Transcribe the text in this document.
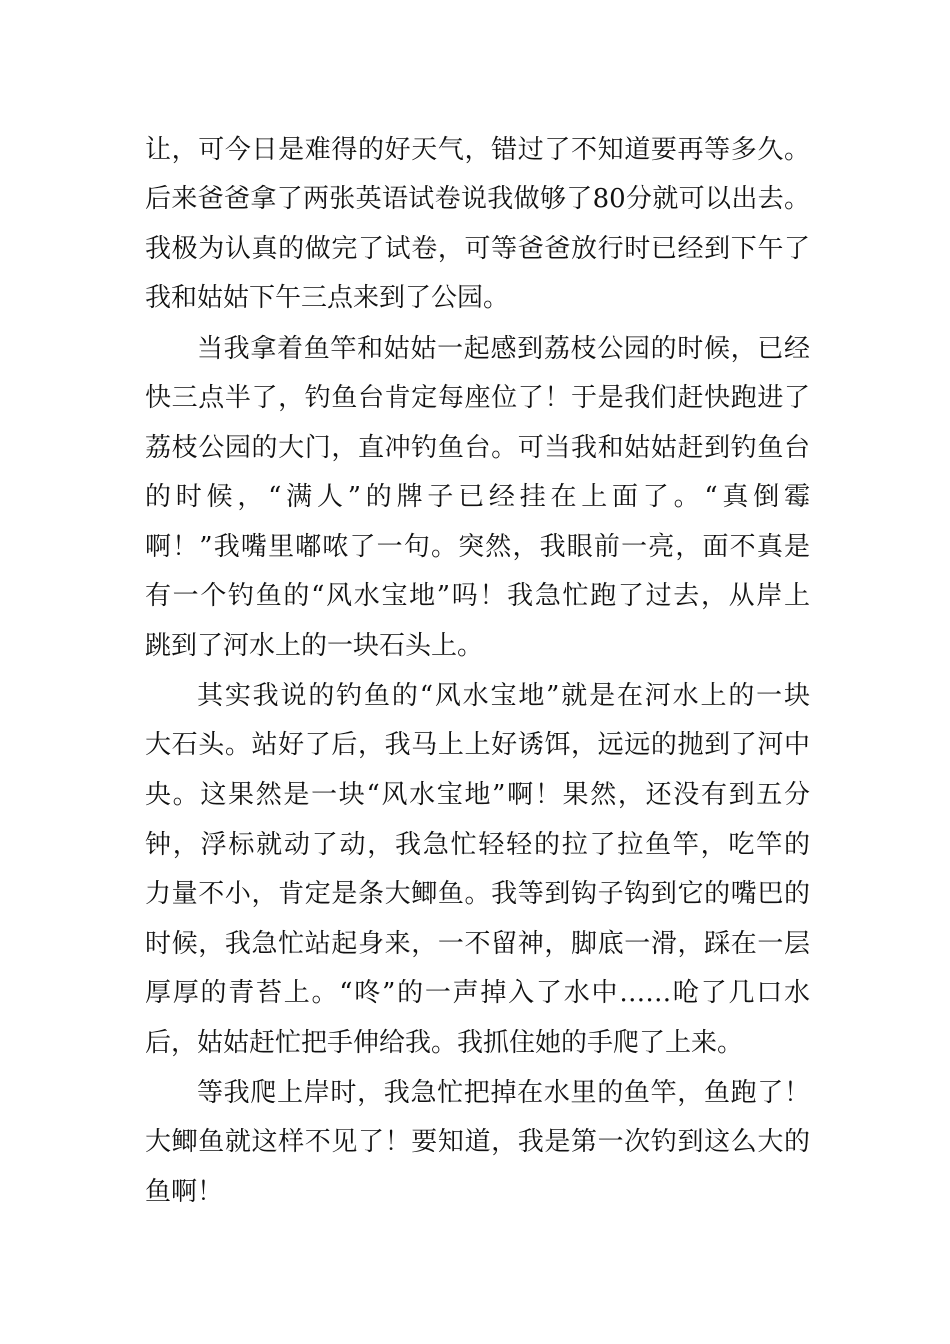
让，可今日是难得的好天气，错过了不知道要再等多久。
后来爸爸拿了两张英语试卷说我做够了80分就可以出去。
我极为认真的做完了试卷，可等爸爸放行时已经到下午了
我和姑姑下午三点来到了公园。
当我拿着鱼竿和姑姑一起感到荔枝公园的时候，已经
快三点半了，钓鱼台肯定每座位了！于是我们赶快跑进了
荔枝公园的大门，直冲钓鱼台。可当我和姑姑赶到钓鱼台
的时候，“满人”的牌子已经挂在上面了。“真倒霉
啊！”我嘴里嘟哝了一句。突然，我眼前一亮，面不真是
有一个钓鱼的“风水宝地”吗！我急忙跑了过去，从岸上
跳到了河水上的一块石头上。
其实我说的钓鱼的“风水宝地”就是在河水上的一块
大石头。站好了后，我马上上好诱饵，远远的抛到了河中
央。这果然是一块“风水宝地”啊！果然，还没有到五分
钟，浮标就动了动，我急忙轻轻的拉了拉鱼竿，吃竿的
力量不小，肯定是条大鲫鱼。我等到钩子钩到它的嘴巴的
时候，我急忙站起身来，一不留神，脚底一滑，踩在一层
厚厚的青苔上。“咚”的一声掉入了水中……呛了几口水
后，姑姑赶忙把手伸给我。我抓住她的手爬了上来。
等我爬上岸时，我急忙把掉在水里的鱼竿，鱼跑了！
大鲫鱼就这样不见了！要知道，我是第一次钓到这么大的
鱼啊！
